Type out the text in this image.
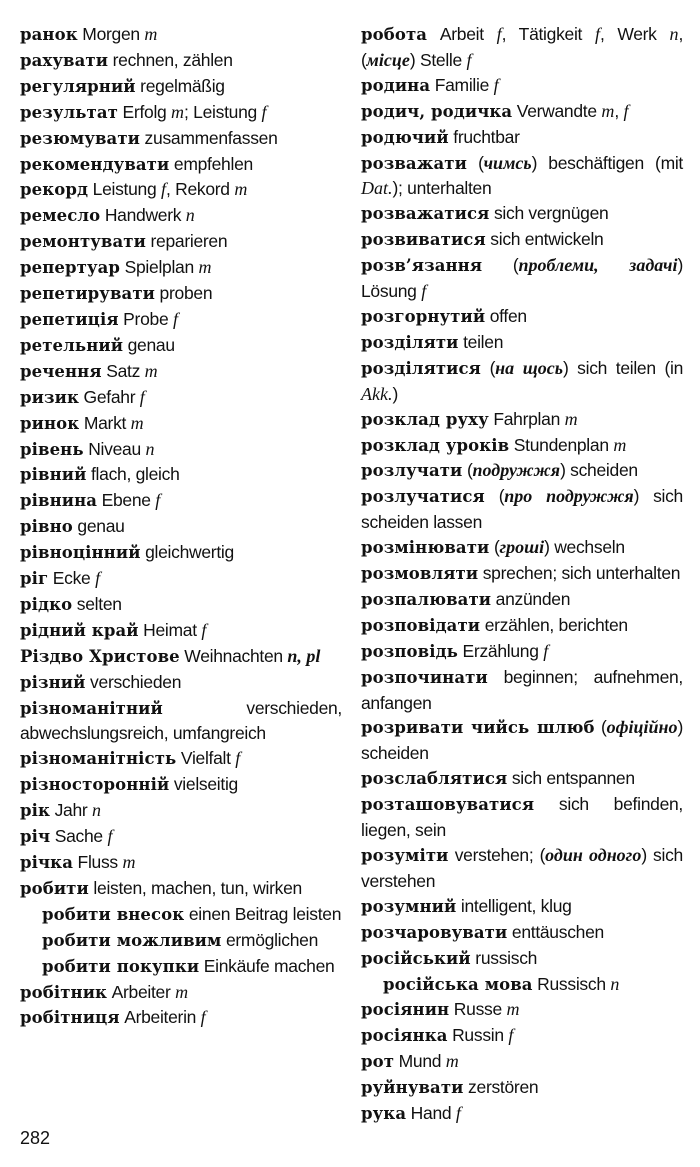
ранок Morgen m

рахувати rechnen, zählen

регулярний regelmäßig

результат Erfolg m; Leistung f

резюмувати zusammenfassen

рекомендувати empfehlen

рекорд Leistung f, Rekord m

ремесло Handwerk n

ремонтувати reparieren

репертуар Spielplan m

репетирувати proben

репетиція Probe f

ретельний genau

речення Satz m

ризик Gefahr f

ринок Markt m

рівень Niveau n

рівний flach, gleich

рівнина Ebene f

рівно genau

рівноцінний gleichwertig

ріг Ecke f

рідко selten

рідний край Heimat f

Різдво Христове Weihnachten n, pl

різний verschieden

різноманітний verschieden, abwechslungsreich, umfangreich

різноманітність Vielfalt f

різносторонній vielseitig

рік Jahr n

річ Sache f

річка Fluss m

робити leisten, machen, tun, wirken

робити внесок einen Beitrag leisten

робити можливим ermöglichen

робити покупки Einkäufe machen

робітник Arbeiter m

робітниця Arbeiterin f

робота Arbeit f, Tätigkeit f, Werk n, (місце) Stelle f

родина Familie f

родич, родичка Verwandte m, f

родючий fruchtbar

розважати (чимсь) beschäftigen (mit Dat.); unterhalten

розважатися sich vergnügen

розвиватися sich entwickeln

розв’язання (проблеми, задачі) Lösung f

розгорнутий offen

розділяти teilen

розділятися (на щось) sich teilen (in Akk.)

розклад руху Fahrplan m

розклад уроків Stundenplan m

розлучати (подружжя) scheiden

розлучатися (про подружжя) sich scheiden lassen

розмінювати (гроші) wechseln

розмовляти sprechen; sich unterhalten

розпалювати anzünden

розповідати erzählen, berichten

розповідь Erzählung f

розпочинати beginnen; aufnehmen, anfangen

розривати чийсь шлюб (офіційно) scheiden

розслаблятися sich entspannen

розташовуватися sich befinden, liegen, sein

розуміти verstehen; (один одного) sich verstehen

розумний intelligent, klug

розчаровувати enttäuschen

російський russisch

російська мова Russisch n

росіянин Russe m

росіянка Russin f

рот Mund m

руйнувати zerstören

рука Hand f

282
